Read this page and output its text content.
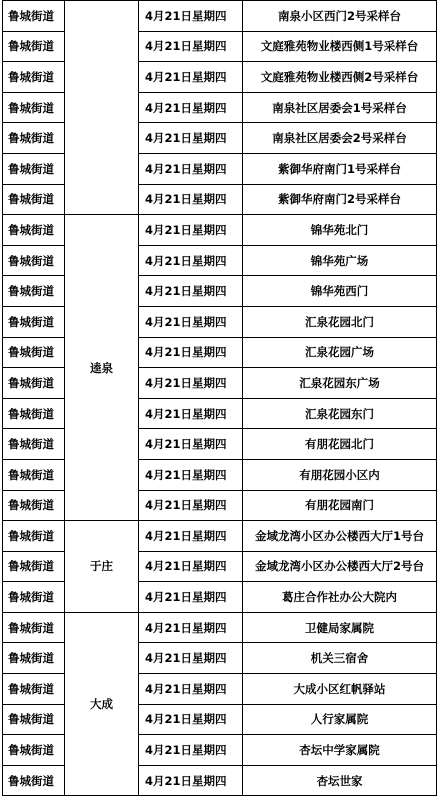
鲁城街道		4月21日星期四	南泉小区西门2号采样台
鲁城街道		4月21日星期四	文庭雅苑物业楼西侧1号采样台
鲁城街道		4月21日星期四	文庭雅苑物业楼西侧2号采样台
鲁城街道		4月21日星期四	南泉社区居委会1号采样台
鲁城街道		4月21日星期四	南泉社区居委会2号采样台
鲁城街道		4月21日星期四	紫御华府南门1号采样台
鲁城街道		4月21日星期四	紫御华府南门2号采样台
鲁城街道	逵泉	4月21日星期四	锦华苑北门
鲁城街道		4月21日星期四	锦华苑广场
鲁城街道		4月21日星期四	锦华苑西门
鲁城街道		4月21日星期四	汇泉花园北门
鲁城街道		4月21日星期四	汇泉花园广场
鲁城街道		4月21日星期四	汇泉花园东广场
鲁城街道		4月21日星期四	汇泉花园东门
鲁城街道		4月21日星期四	有朋花园北门
鲁城街道		4月21日星期四	有朋花园小区内
鲁城街道		4月21日星期四	有朋花园南门
鲁城街道	于庄	4月21日星期四	金域龙湾小区办公楼西大厅1号台
鲁城街道		4月21日星期四	金域龙湾小区办公楼西大厅2号台
鲁城街道		4月21日星期四	葛庄合作社办公大院内
鲁城街道	大成	4月21日星期四	卫健局家属院
鲁城街道		4月21日星期四	机关三宿舍
鲁城街道		4月21日星期四	大成小区红帆驿站
鲁城街道		4月21日星期四	人行家属院
鲁城街道		4月21日星期四	杏坛中学家属院
鲁城街道		4月21日星期四	杏坛世家
